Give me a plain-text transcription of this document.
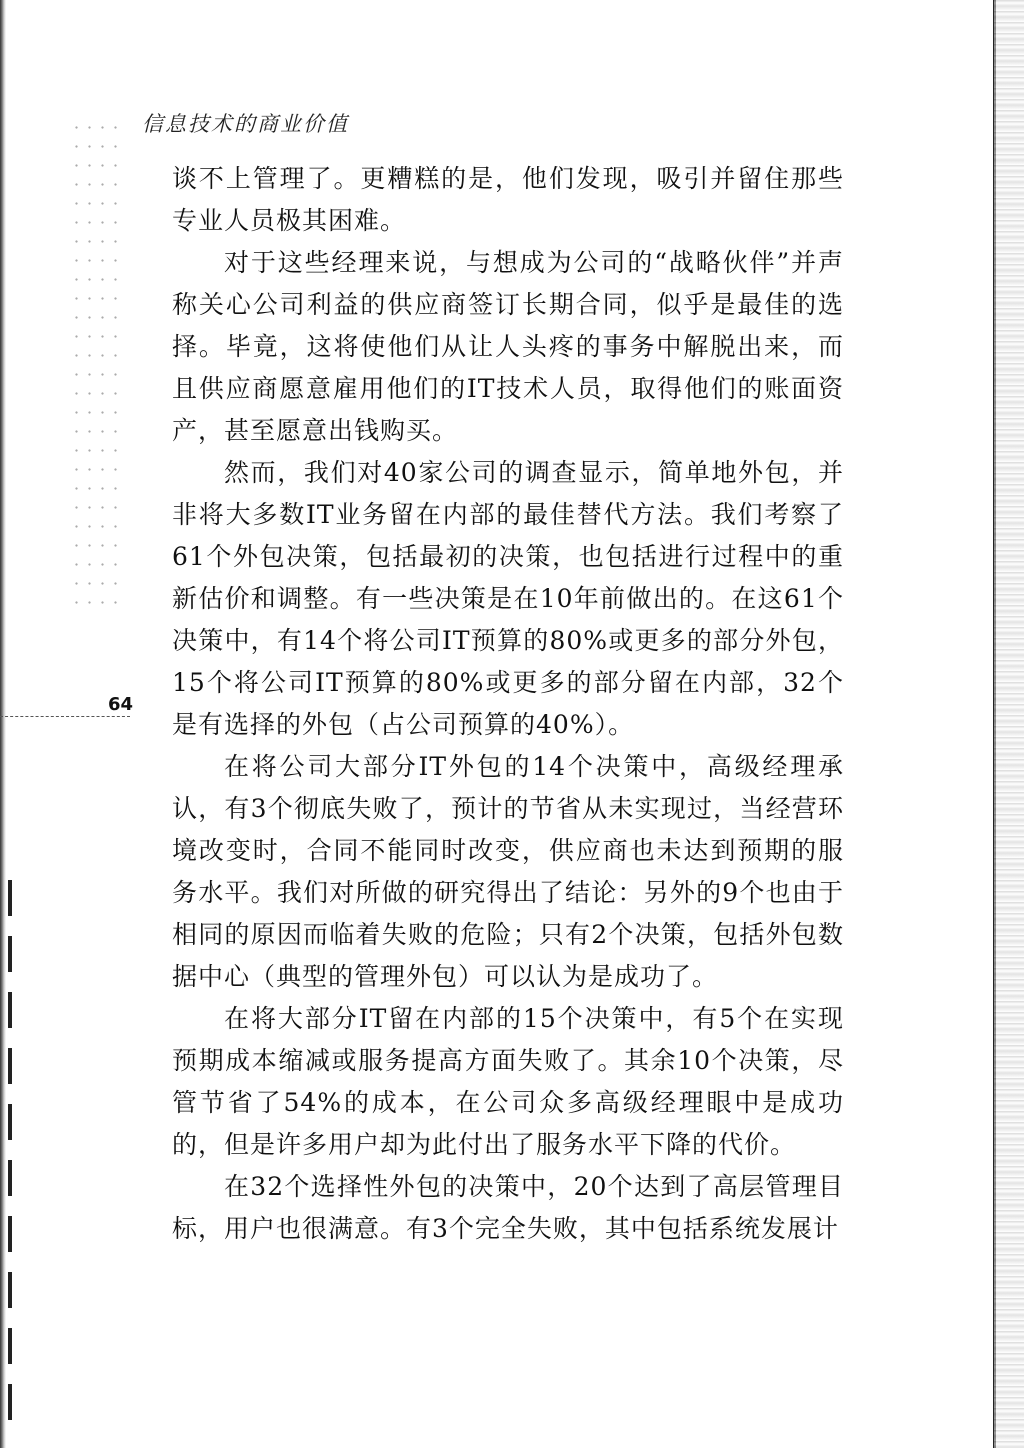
信息技术的商业价值
64

谈不上管理了。更糟糕的是，他们发现，吸引并留住那些专业人员极其困难。

对于这些经理来说，与想成为公司的“战略伙伴”并声称关心公司利益的供应商签订长期合同，似乎是最佳的选择。毕竟，这将使他们从让人头疼的事务中解脱出来，而且供应商愿意雇用他们的IT技术人员，取得他们的账面资产，甚至愿意出钱购买。

然而，我们对40家公司的调查显示，简单地外包，并非将大多数IT业务留在内部的最佳替代方法。我们考察了61个外包决策，包括最初的决策，也包括进行过程中的重新估价和调整。有一些决策是在10年前做出的。在这61个决策中，有14个将公司IT预算的80%或更多的部分外包，15个将公司IT预算的80%或更多的部分留在内部，32个是有选择的外包（占公司预算的40%）。

在将公司大部分IT外包的14个决策中，高级经理承认，有3个彻底失败了，预计的节省从未实现过，当经营环境改变时，合同不能同时改变，供应商也未达到预期的服务水平。我们对所做的研究得出了结论：另外的9个也由于相同的原因而临着失败的危险；只有2个决策，包括外包数据中心（典型的管理外包）可以认为是成功了。

在将大部分IT留在内部的15个决策中，有5个在实现预期成本缩减或服务提高方面失败了。其余10个决策，尽管节省了54%的成本，在公司众多高级经理眼中是成功的，但是许多用户却为此付出了服务水平下降的代价。

在32个选择性外包的决策中，20个达到了高层管理目标，用户也很满意。有3个完全失败，其中包括系统发展计
